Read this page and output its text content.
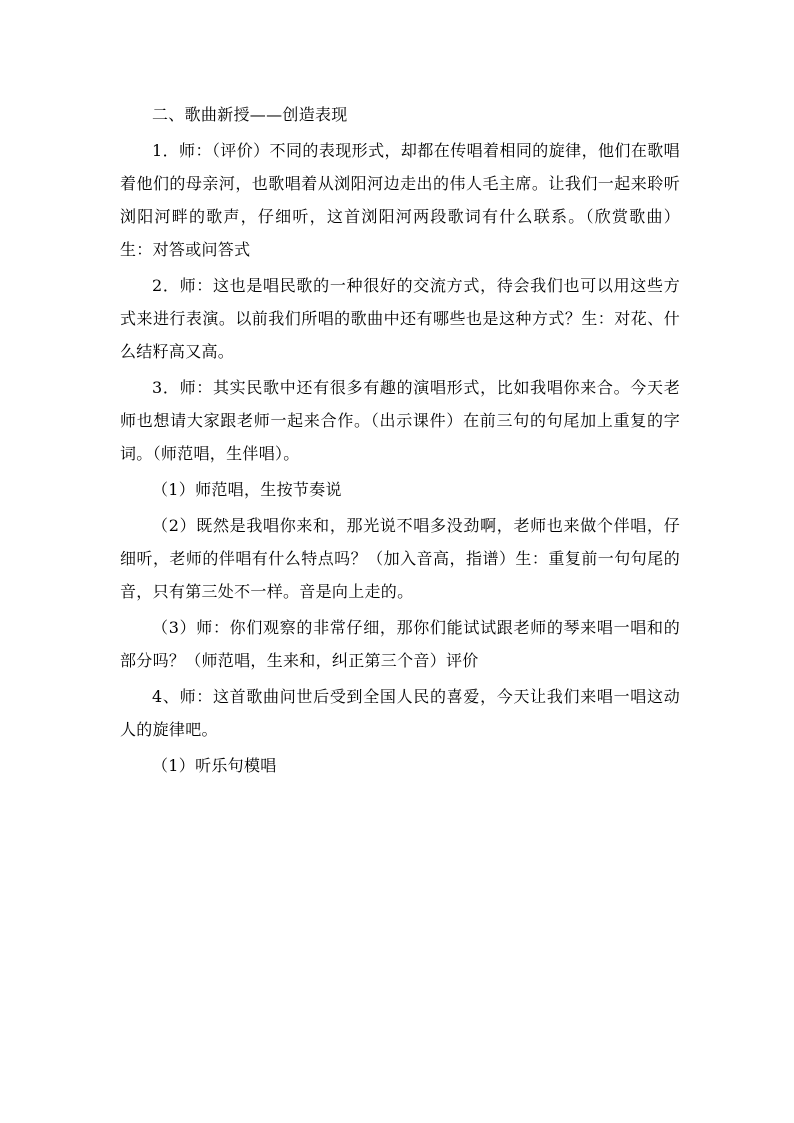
二、歌曲新授——创造表现

1．师：（评价）不同的表现形式，却都在传唱着相同的旋律，他们在歌唱着他们的母亲河，也歌唱着从浏阳河边走出的伟人毛主席。让我们一起来聆听浏阳河畔的歌声，仔细听，这首浏阳河两段歌词有什么联系。（欣赏歌曲）生：对答或问答式

2．师：这也是唱民歌的一种很好的交流方式，待会我们也可以用这些方式来进行表演。以前我们所唱的歌曲中还有哪些也是这种方式？生：对花、什么结籽高又高。

3．师：其实民歌中还有很多有趣的演唱形式，比如我唱你来合。今天老师也想请大家跟老师一起来合作。（出示课件）在前三句的句尾加上重复的字词。（师范唱，生伴唱）。

（1）师范唱，生按节奏说

（2）既然是我唱你来和，那光说不唱多没劲啊，老师也来做个伴唱，仔细听，老师的伴唱有什么特点吗？（加入音高，指谱）生：重复前一句句尾的音，只有第三处不一样。音是向上走的。

（3）师：你们观察的非常仔细，那你们能试试跟老师的琴来唱一唱和的部分吗？（师范唱，生来和，纠正第三个音）评价

4、师：这首歌曲问世后受到全国人民的喜爱，今天让我们来唱一唱这动人的旋律吧。

（1）听乐句模唱
